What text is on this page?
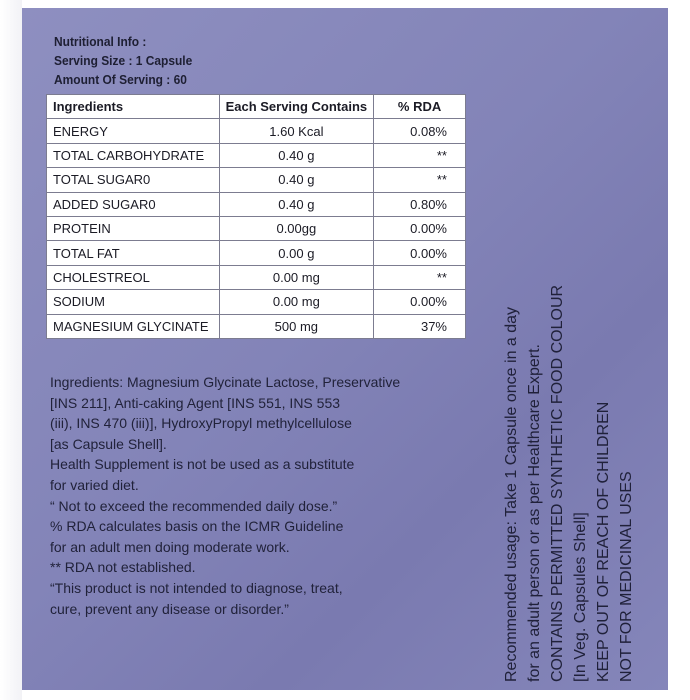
Nutritional Info :
Serving Size : 1 Capsule
Amount Of Serving : 60
Ingredients	Each Serving Contains	% RDA
ENERGY	1.60 Kcal	0.08%
TOTAL CARBOHYDRATE	0.40 g	**
TOTAL SUGAR0	0.40 g	**
ADDED SUGAR0	0.40 g	0.80%
PROTEIN	0.00gg	0.00%
TOTAL FAT	0.00 g	0.00%
CHOLESTREOL	0.00 mg	**
SODIUM	0.00 mg	0.00%
MAGNESIUM GLYCINATE	500 mg	37%

Ingredients: Magnesium Glycinate Lactose, Preservative

[INS 211], Anti-caking Agent [INS 551, INS 553

(iii), INS 470 (iii)], HydroxyPropyl methylcellulose

[as Capsule Shell].

Health Supplement is not be used as a substitute

for varied diet.

“ Not to exceed the recommended daily dose.”

% RDA calculates basis on the ICMR Guideline

for an adult men doing moderate work.

** RDA not established.

“This product is not intended to diagnose, treat,

cure, prevent any disease or disorder.”	Recommended usage: Take 1 Capsule once in a day for an adult person or as per Healthcare Expert. CONTAINS PERMITTED SYNTHETIC FOOD COLOUR [In Veg. Capsules Shell] KEEP OUT OF REACH OF CHILDREN NOT FOR MEDICINAL USES
